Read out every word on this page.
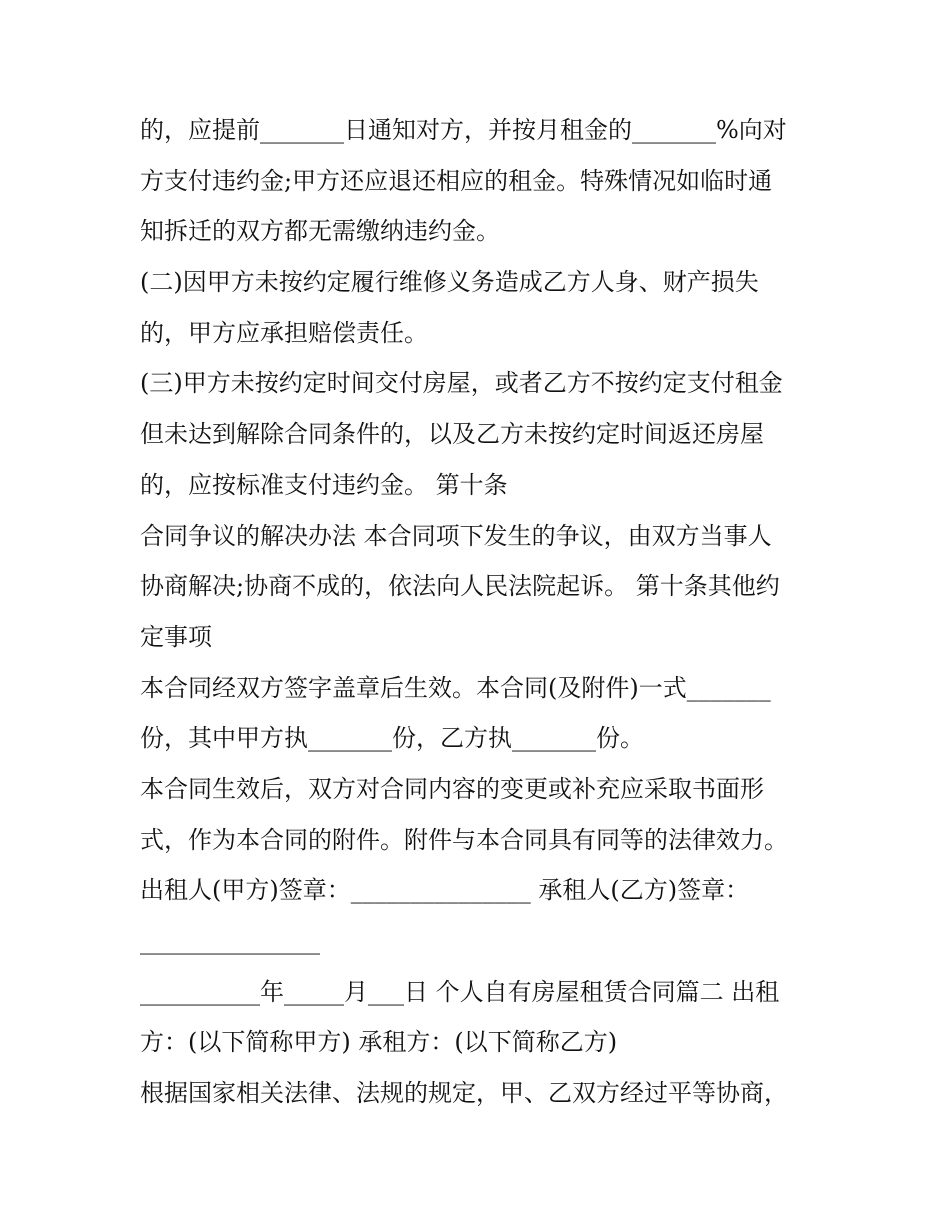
的，应提前_______日通知对方，并按月租金的_______%向对
方支付违约金;甲方还应退还相应的租金。特殊情况如临时通
知拆迁的双方都无需缴纳违约金。
(二)因甲方未按约定履行维修义务造成乙方人身、财产损失
的，甲方应承担赔偿责任。
(三)甲方未按约定时间交付房屋，或者乙方不按约定支付租金
但未达到解除合同条件的，以及乙方未按约定时间返还房屋
的，应按标准支付违约金。 第十条
合同争议的解决办法 本合同项下发生的争议，由双方当事人
协商解决;协商不成的，依法向人民法院起诉。 第十条其他约
定事项
本合同经双方签字盖章后生效。本合同(及附件)一式_______
份，其中甲方执_______份，乙方执_______份。
本合同生效后，双方对合同内容的变更或补充应采取书面形
式，作为本合同的附件。附件与本合同具有同等的法律效力。
出租人(甲方)签章：_______________ 承租人(乙方)签章：
_______________
__________年_____月___日 个人自有房屋租赁合同篇二 出租
方：(以下简称甲方) 承租方：(以下简称乙方)
根据国家相关法律、法规的规定，甲、乙双方经过平等协商，
